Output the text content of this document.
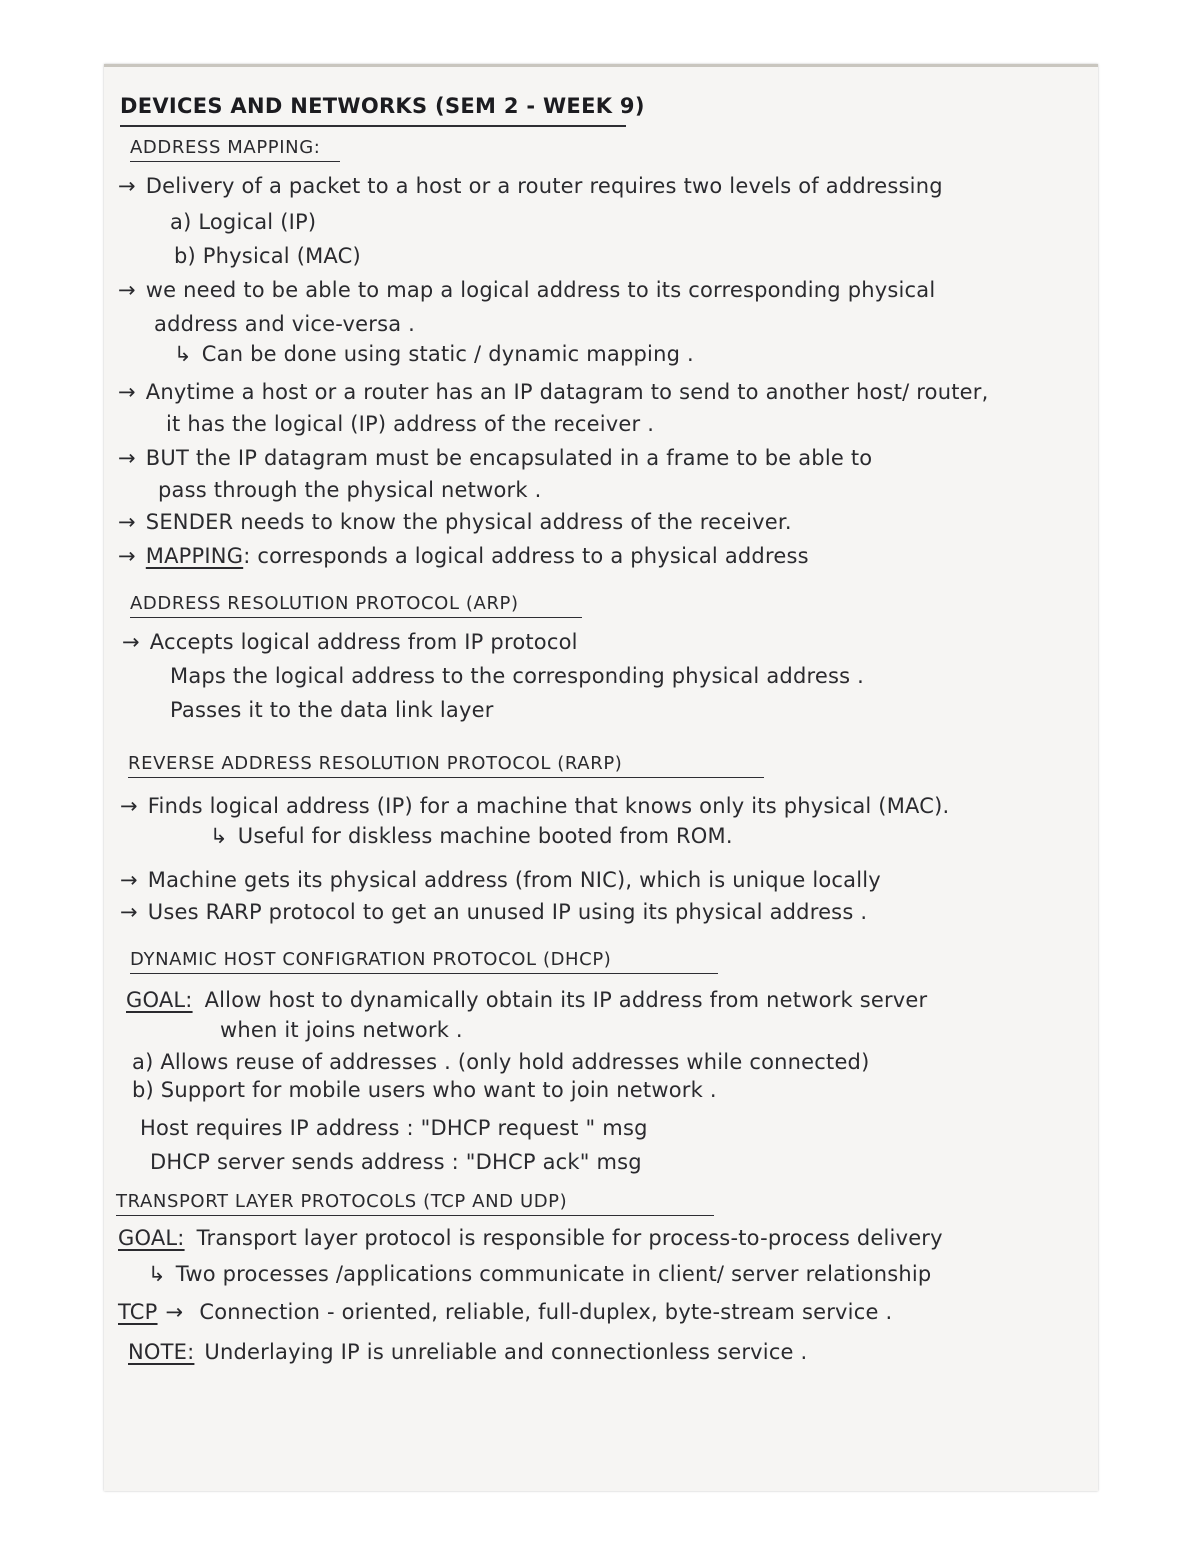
DEVICES AND NETWORKS (SEM 2 - WEEK 9)
ADDRESS MAPPING:
→ Delivery of a packet to a host or a router requires two levels of addressing
a) Logical (IP)
b) Physical (MAC)
→ we need to be able to map a logical address to its corresponding physical
address and vice-versa .
↳ Can be done using static / dynamic mapping .
→ Anytime a host or a router has an IP datagram to send to another host/ router,
it has the logical (IP) address of the receiver .
→ BUT the IP datagram must be encapsulated in a frame to be able to
pass through the physical network .
→ SENDER needs to know the physical address of the receiver.
→ MAPPING: corresponds a logical address to a physical address
ADDRESS RESOLUTION PROTOCOL (ARP)
→ Accepts logical address from IP protocol
Maps the logical address to the corresponding physical address .
Passes it to the data link layer
REVERSE ADDRESS RESOLUTION PROTOCOL (RARP)
→ Finds logical address (IP) for a machine that knows only its physical (MAC).
↳ Useful for diskless machine booted from ROM.
→ Machine gets its physical address (from NIC), which is unique locally
→ Uses RARP protocol to get an unused IP using its physical address .
DYNAMIC HOST CONFIGRATION PROTOCOL (DHCP)
GOAL: Allow host to dynamically obtain its IP address from network server
when it joins network .
a) Allows reuse of addresses . (only hold addresses while connected)
b) Support for mobile users who want to join network .
Host requires IP address : "DHCP request " msg
DHCP server sends address : "DHCP ack" msg
TRANSPORT LAYER PROTOCOLS (TCP AND UDP)
GOAL: Transport layer protocol is responsible for process-to-process delivery
↳ Two processes /applications communicate in client/ server relationship
TCP → Connection - oriented, reliable, full-duplex, byte-stream service .
NOTE: Underlaying IP is unreliable and connectionless service .
